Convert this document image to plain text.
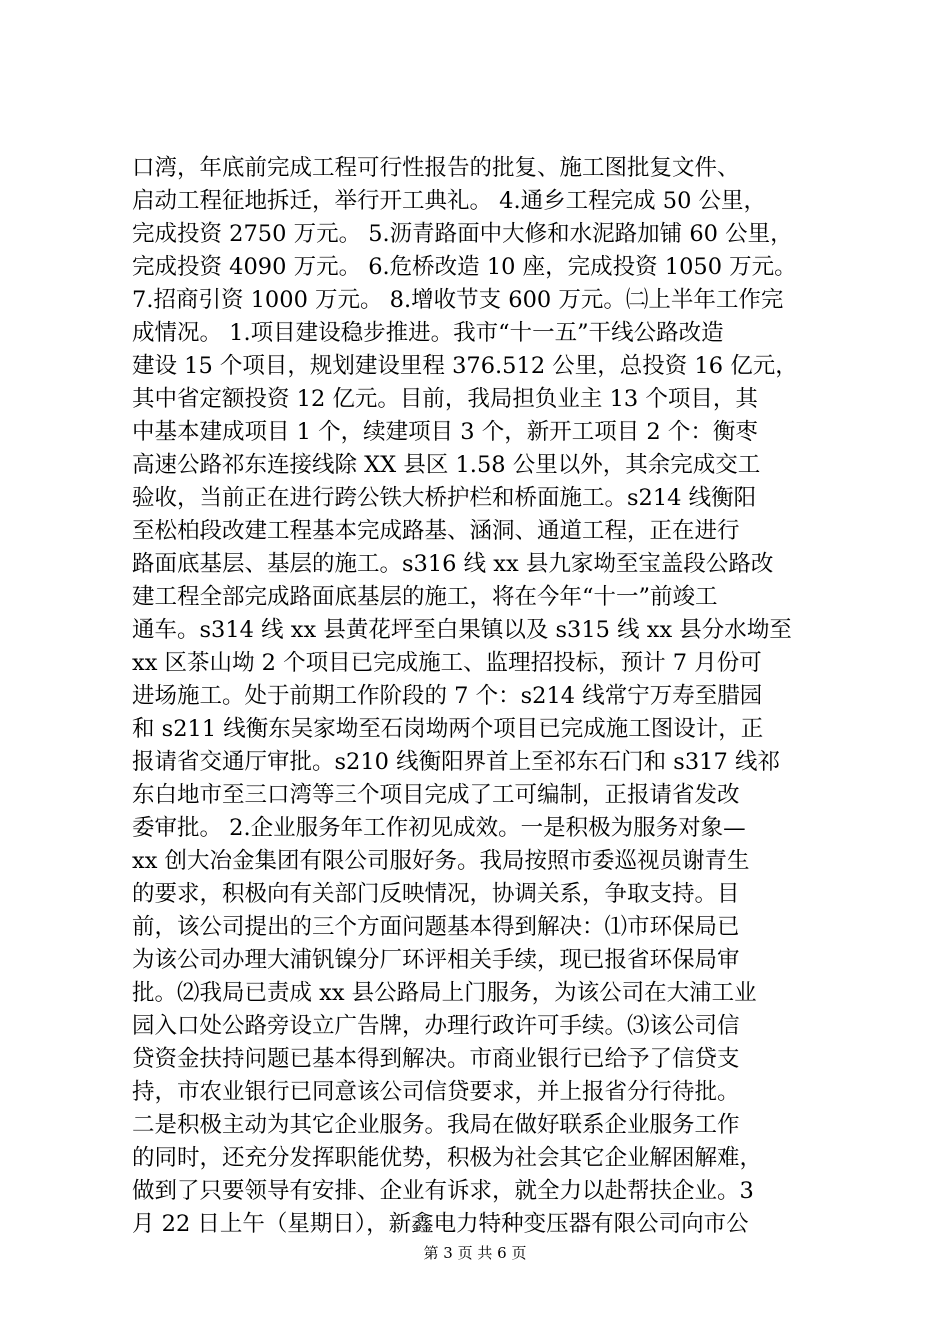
口湾，年底前完成工程可行性报告的批复、施工图批复文件、
启动工程征地拆迁，举行开工典礼。 4.通乡工程完成 50 公里，
完成投资 2750 万元。 5.沥青路面中大修和水泥路加铺 60 公里，
完成投资 4090 万元。 6.危桥改造 10 座，完成投资 1050 万元。
7.招商引资 1000 万元。 8.增收节支 600 万元。㈡上半年工作完
成情况。 1.项目建设稳步推进。我市“十一五”干线公路改造
建设 15 个项目，规划建设里程 376.512 公里，总投资 16 亿元，
其中省定额投资 12 亿元。目前，我局担负业主 13 个项目，其
中基本建成项目 1 个，续建项目 3 个，新开工项目 2 个：衡枣
高速公路祁东连接线除 XX 县区 1.58 公里以外，其余完成交工
验收，当前正在进行跨公铁大桥护栏和桥面施工。s214 线衡阳
至松柏段改建工程基本完成路基、涵洞、通道工程，正在进行
路面底基层、基层的施工。s316 线 xx 县九家坳至宝盖段公路改
建工程全部完成路面底基层的施工，将在今年“十一”前竣工
通车。s314 线 xx 县黄花坪至白果镇以及 s315 线 xx 县分水坳至
xx 区茶山坳 2 个项目已完成施工、监理招投标，预计 7 月份可
进场施工。处于前期工作阶段的 7 个：s214 线常宁万寿至腊园
和 s211 线衡东吴家坳至石岗坳两个项目已完成施工图设计，正
报请省交通厅审批。s210 线衡阳界首上至祁东石门和 s317 线祁
东白地市至三口湾等三个项目完成了工可编制，正报请省发改
委审批。 2.企业服务年工作初见成效。一是积极为服务对象—
xx 创大冶金集团有限公司服好务。我局按照市委巡视员谢青生
的要求，积极向有关部门反映情况，协调关系，争取支持。目
前，该公司提出的三个方面问题基本得到解决：⑴市环保局已
为该公司办理大浦钒镍分厂环评相关手续，现已报省环保局审
批。⑵我局已责成 xx 县公路局上门服务，为该公司在大浦工业
园入口处公路旁设立广告牌，办理行政许可手续。⑶该公司信
贷资金扶持问题已基本得到解决。市商业银行已给予了信贷支
持，市农业银行已同意该公司信贷要求，并上报省分行待批。
二是积极主动为其它企业服务。我局在做好联系企业服务工作
的同时，还充分发挥职能优势，积极为社会其它企业解困解难，
做到了只要领导有安排、企业有诉求，就全力以赴帮扶企业。3
月 22 日上午（星期日），新鑫电力特种变压器有限公司向市公
第 3 页 共 6 页
